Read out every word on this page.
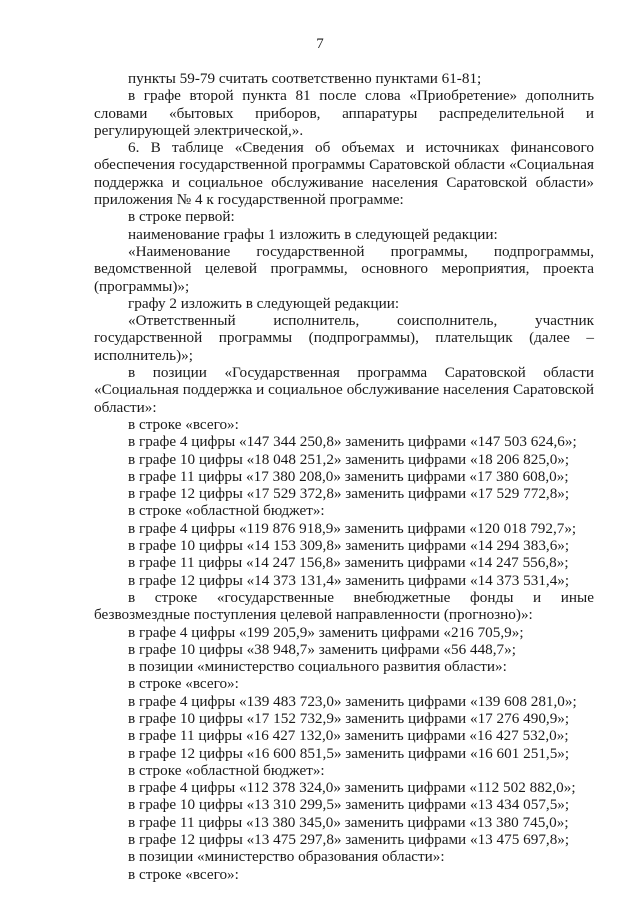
7

пункты 59-79 считать соответственно пунктами 61-81;

в графе второй пункта 81 после слова «Приобретение» дополнить словами «бытовых приборов, аппаратуры распределительной и регулирующей электрической,».

6. В таблице «Сведения об объемах и источниках финансового обеспечения государственной программы Саратовской области «Социальная поддержка и социальное обслуживание населения Саратовской области» приложения № 4 к государственной программе:

в строке первой:

наименование графы 1 изложить в следующей редакции:

«Наименование государственной программы, подпрограммы, ведомственной целевой программы, основного мероприятия, проекта (программы)»;

графу 2 изложить в следующей редакции:

«Ответственный исполнитель, соисполнитель, участник государственной программы (подпрограммы), плательщик (далее – исполнитель)»;

в позиции «Государственная программа Саратовской области «Социальная поддержка и социальное обслуживание населения Саратовской области»:

в строке «всего»:

в графе 4 цифры «147 344 250,8» заменить цифрами «147 503 624,6»;

в графе 10 цифры «18 048 251,2» заменить цифрами «18 206 825,0»;

в графе 11 цифры «17 380 208,0» заменить цифрами «17 380 608,0»;

в графе 12 цифры «17 529 372,8» заменить цифрами «17 529 772,8»;

в строке «областной бюджет»:

в графе 4 цифры «119 876 918,9» заменить цифрами «120 018 792,7»;

в графе 10 цифры «14 153 309,8» заменить цифрами «14 294 383,6»;

в графе 11 цифры «14 247 156,8» заменить цифрами «14 247 556,8»;

в графе 12 цифры «14 373 131,4» заменить цифрами «14 373 531,4»;

в строке «государственные внебюджетные фонды и иные безвозмездные поступления целевой направленности (прогнозно)»:

в графе 4 цифры «199 205,9» заменить цифрами «216 705,9»;

в графе 10 цифры «38 948,7» заменить цифрами «56 448,7»;

в позиции «министерство социального развития области»:

в строке «всего»:

в графе 4 цифры «139 483 723,0» заменить цифрами «139 608 281,0»;

в графе 10 цифры «17 152 732,9» заменить цифрами «17 276 490,9»;

в графе 11 цифры «16 427 132,0» заменить цифрами «16 427 532,0»;

в графе 12 цифры «16 600 851,5» заменить цифрами «16 601 251,5»;

в строке «областной бюджет»:

в графе 4 цифры «112 378 324,0» заменить цифрами «112 502 882,0»;

в графе 10 цифры «13 310 299,5» заменить цифрами «13 434 057,5»;

в графе 11 цифры «13 380 345,0» заменить цифрами «13 380 745,0»;

в графе 12 цифры «13 475 297,8» заменить цифрами «13 475 697,8»;

в позиции «министерство образования области»:

в строке «всего»:
